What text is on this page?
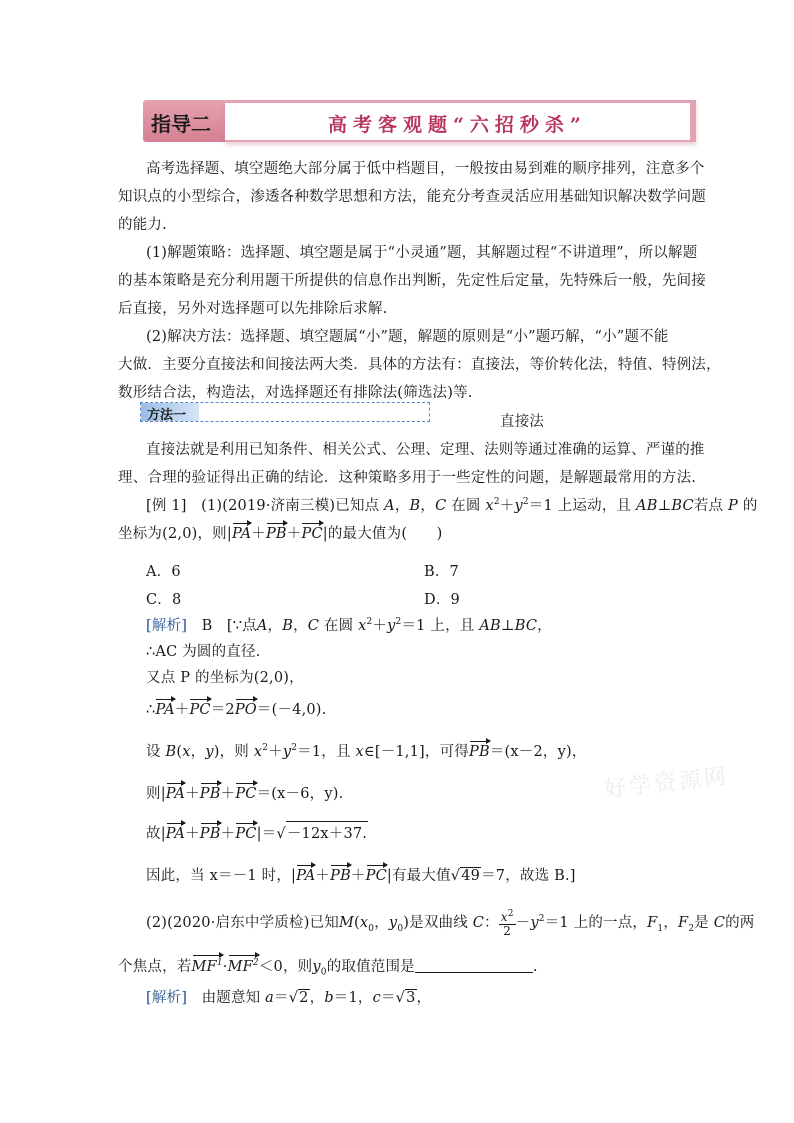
指导二	高考客观题“六招秒杀”
高考选择题、填空题绝大部分属于低中档题目，一般按由易到难的顺序排列，注意多个
知识点的小型综合，渗透各种数学思想和方法，能充分考查灵活应用基础知识解决数学问题
的能力.
(1)解题策略：选择题、填空题是属于“小灵通”题，其解题过程“不讲道理”，所以解题
的基本策略是充分利用题干所提供的信息作出判断，先定性后定量，先特殊后一般，先间接
后直接，另外对选择题可以先排除后求解.
(2)解决方法：选择题、填空题属“小”题，解题的原则是“小”题巧解，“小”题不能
大做．主要分直接法和间接法两大类．具体的方法有：直接法，等价转化法，特值、特例法，
数形结合法，构造法，对选择题还有排除法(筛选法)等.
方法一	直接法
直接法就是利用已知条件、相关公式、公理、定理、法则等通过准确的运算、严谨的推
理、合理的验证得出正确的结论．这种策略多用于一些定性的问题，是解题最常用的方法.
[例 1] (1)(2019·济南三模)已知点 A，B，C 在圆 $x^2+y^2=1$ 上运动，且 AB⊥BC若点 P 的
坐标为(2,0)，则|PA＋PB＋PC|的最大值为(　　)
A．6	B．7
C．8	D．9
[解析] B [∵点A，B，C 在圆 $x^2+y^2=1$ 上，且 AB⊥BC，
∴AC 为圆的直径.
又点 P 的坐标为(2,0)，
∴PA＋PC＝2PO＝(－4,0).
设 B(x，y)，则 $x^2+y^2=1$，且 x∈[－1,1]，可得PB＝(x－2，y)，
则|PA＋PB＋PC＝(x－6，y).
故|PA＋PB＋PC|＝√－12x＋37.
因此，当 x＝－1 时，|PA＋PB＋PC|有最大值√49＝7，故选 B.]
(2)(2020·启东中学质检)已知$M(x_0$，$y_0$)是双曲线 C： $\frac{x^2}{2} -y^2=1$ 上的一点，$F_1$，$F_2$是 C的两
个焦点，若$MF^1\cdot MF^2<0$，则$y_0$的取值范围是	.
[解析] 由题意知 a＝√2，b＝1，c＝√3，
好学资源网
